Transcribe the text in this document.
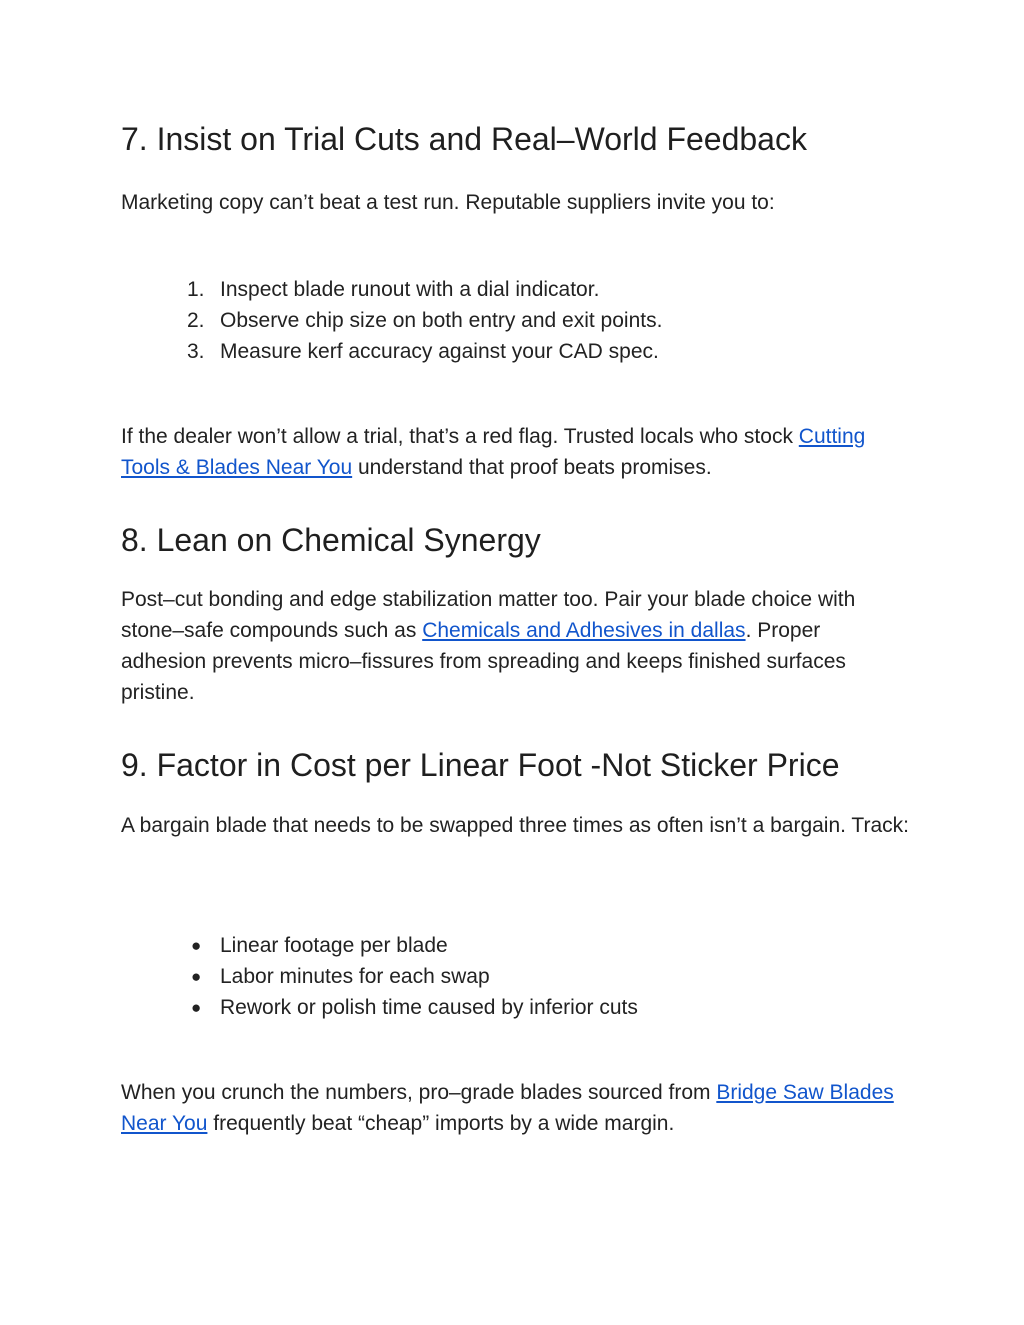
7. Insist on Trial Cuts and Real–World Feedback

Marketing copy can’t beat a test run. Reputable suppliers invite you to:

1. Inspect blade runout with a dial indicator.
2. Observe chip size on both entry and exit points.
3. Measure kerf accuracy against your CAD spec.

If the dealer won’t allow a trial, that’s a red flag. Trusted locals who stock Cutting Tools & Blades Near You understand that proof beats promises.

8. Lean on Chemical Synergy

Post–cut bonding and edge stabilization matter too. Pair your blade choice with stone–safe compounds such as Chemicals and Adhesives in dallas. Proper adhesion prevents micro–fissures from spreading and keeps finished surfaces pristine.

9. Factor in Cost per Linear Foot -Not Sticker Price

A bargain blade that needs to be swapped three times as often isn’t a bargain. Track:

● Linear footage per blade
● Labor minutes for each swap
● Rework or polish time caused by inferior cuts

When you crunch the numbers, pro–grade blades sourced from Bridge Saw Blades Near You frequently beat “cheap” imports by a wide margin.
